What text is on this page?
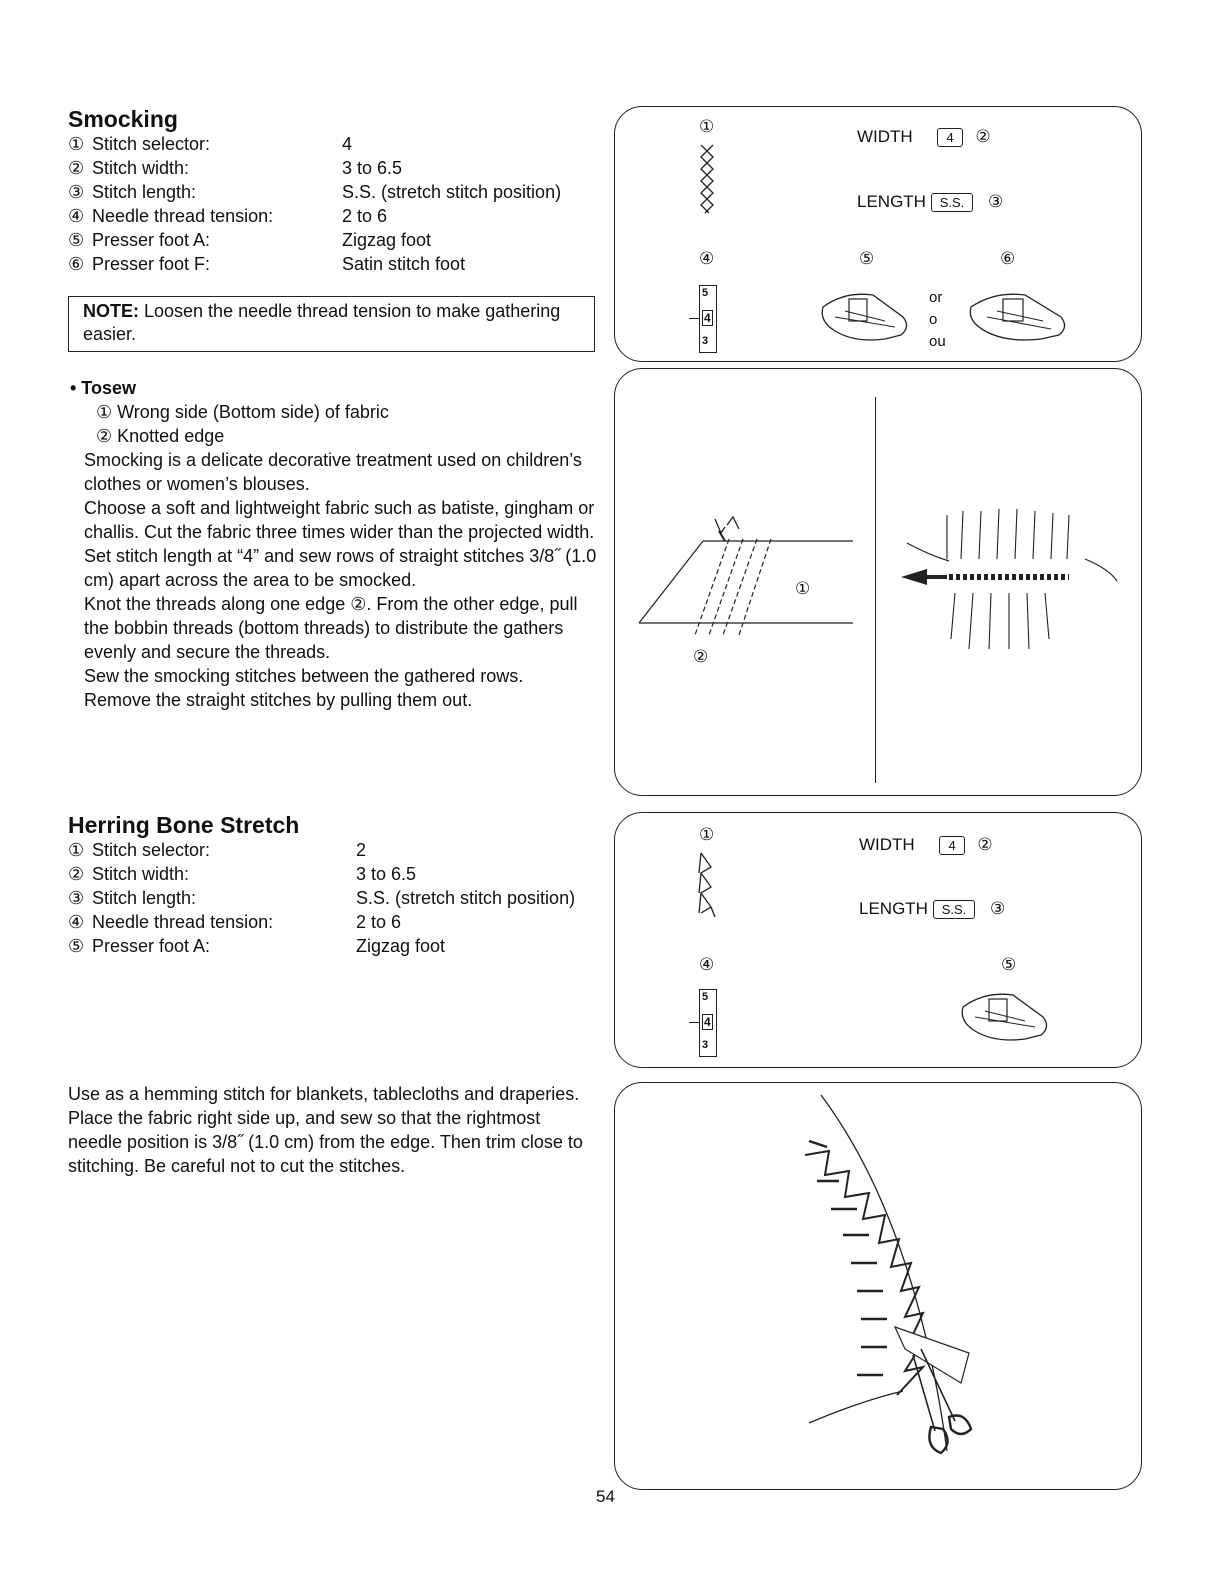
Smocking
① Stitch selector:	4
② Stitch width:	3 to 6.5
③ Stitch length:	S.S. (stretch stitch position)
④ Needle thread tension:	2 to 6
⑤ Presser foot A:	Zigzag foot
⑥ Presser foot F:	Satin stitch foot
NOTE: Loosen the needle thread tension to make gathering easier.
• Tosew
① Wrong side (Bottom side) of fabric
② Knotted edge
Smocking is a delicate decorative treatment used on children’s clothes or women’s blouses.
Choose a soft and lightweight fabric such as batiste, gingham or challis. Cut the fabric three times wider than the projected width. Set stitch length at “4” and sew rows of straight stitches 3/8˝ (1.0 cm) apart across the area to be smocked.
Knot the threads along one edge ②. From the other edge, pull the bobbin threads (bottom threads) to distribute the gathers evenly and secure the threads.
Sew the smocking stitches between the gathered rows.
Remove the straight stitches by pulling them out.
①
WIDTH	4 ②
LENGTH S.S. ③
④	⑤	⑥
5
4
3
or
o
ou
①
②
Herring Bone Stretch
① Stitch selector:	2
② Stitch width:	3 to 6.5
③ Stitch length:	S.S. (stretch stitch position)
④ Needle thread tension:	2 to 6
⑤ Presser foot A:	Zigzag foot
Use as a hemming stitch for blankets, tablecloths and draperies.
Place the fabric right side up, and sew so that the rightmost needle position is 3/8˝ (1.0 cm) from the edge. Then trim close to stitching. Be careful not to cut the stitches.
①
WIDTH	4 ②
LENGTH S.S. ③
④	⑤
5
4
3
54
